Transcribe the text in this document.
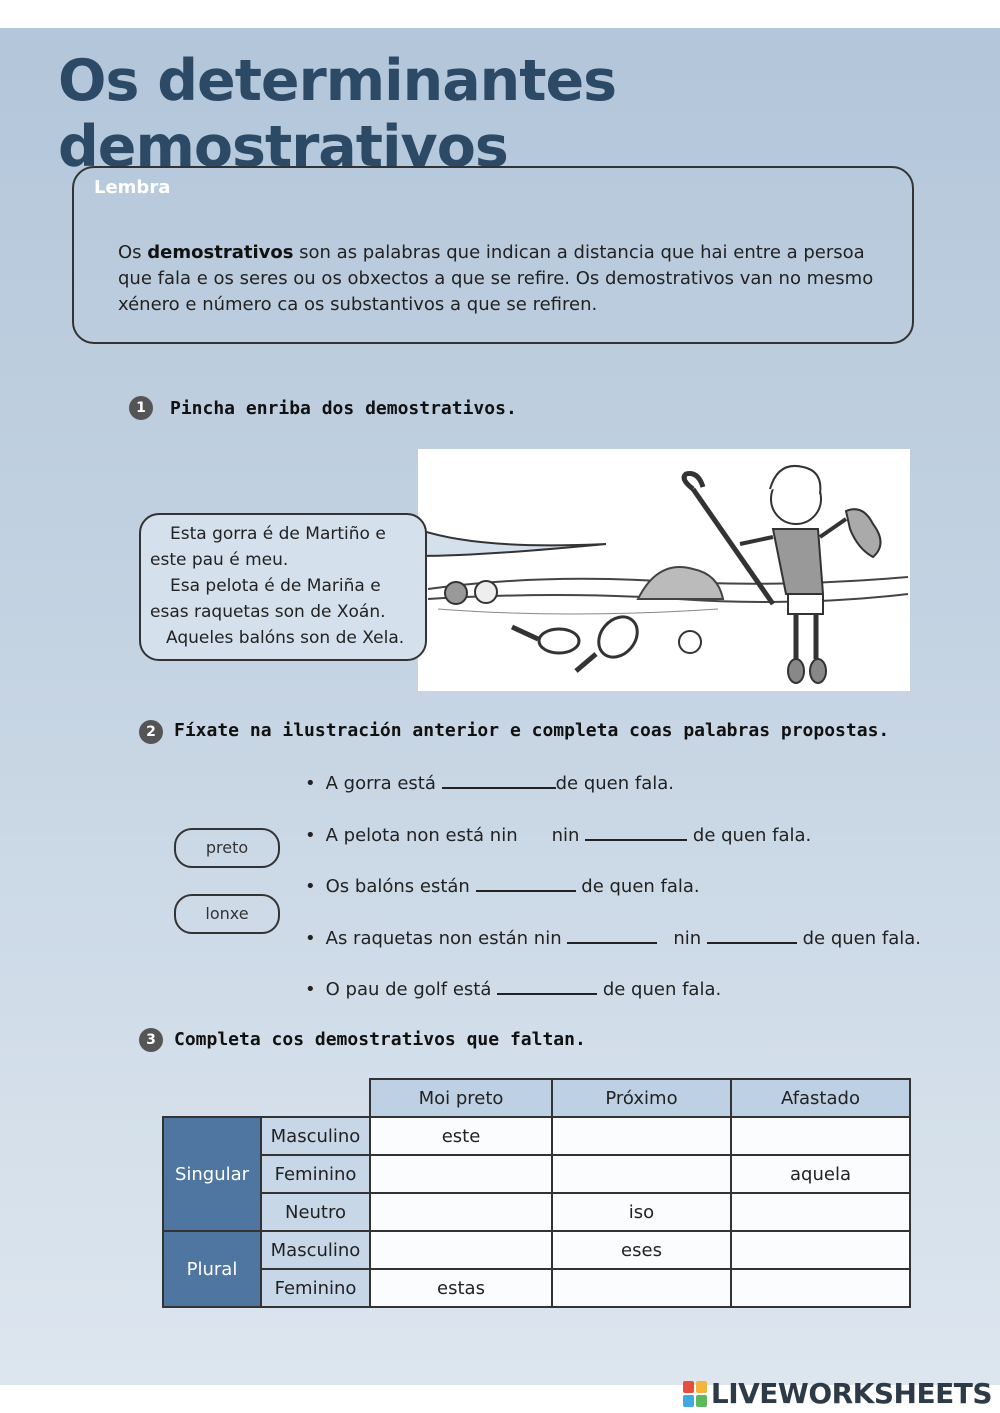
Os determinantes demostrativos
Lembra
Os demostrativos son as palabras que indican a distancia que hai entre a persoa
que fala e os seres ou os obxectos a que se refire. Os demostrativos van no mesmo
xénero e número ca os substantivos a que se refiren.
1	Pincha enriba dos demostrativos.
Esta gorra é de Martiño e
este pau é meu.
Esa pelota é de Mariña e
esas raquetas son de Xoán.
Aqueles balóns son de Xela.
2	Fíxate na ilustración anterior e completa coas palabras propostas.
preto
lonxe
• A gorra está	de quen fala.
• A pelota non está nin nin	de quen fala.
• Os balóns están	de quen fala.
• As raquetas non están nin	nin	de quen fala.
• O pau de golf está	de quen fala.
3	Completa cos demostrativos que faltan.
		Moi preto	Próximo	Afastado
Singular	Masculino	este		
	Feminino			aquela
	Neutro		iso	
Plural	Masculino		eses	
	Feminino	estas		
LIVEWORKSHEETS
